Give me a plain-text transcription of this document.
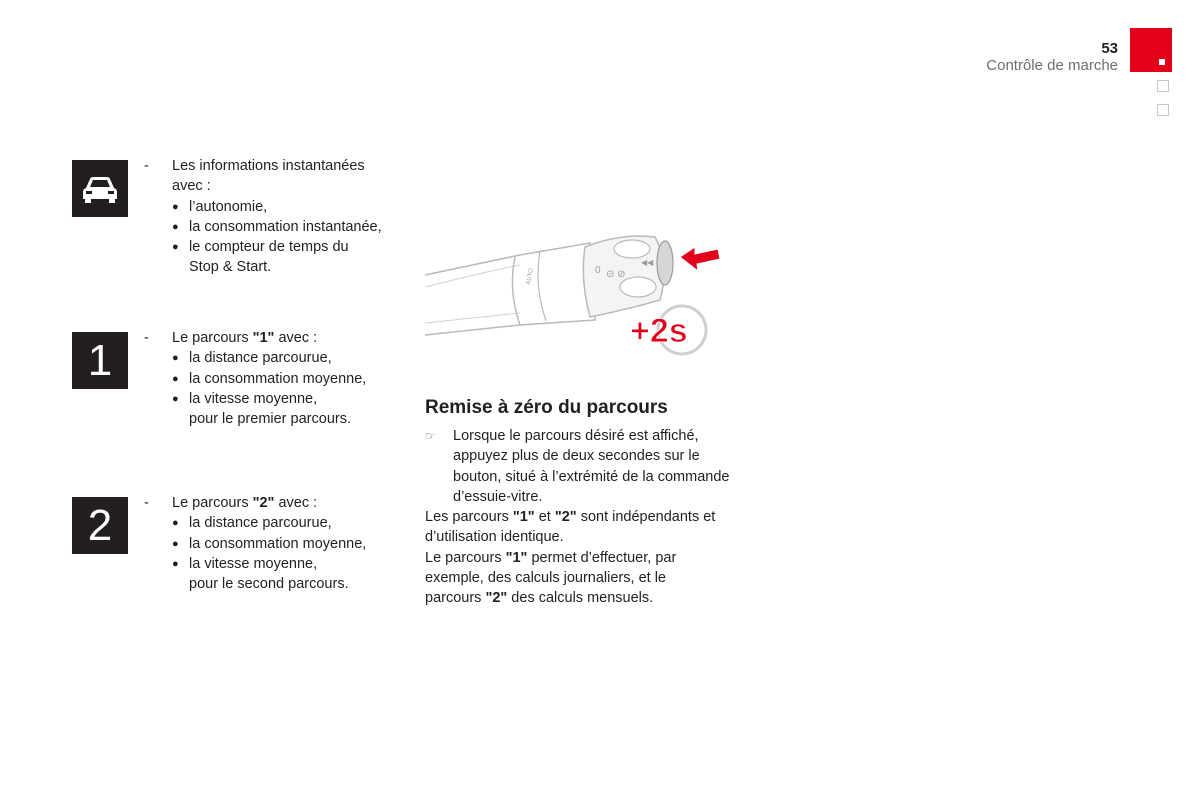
53
Contrôle de marche
-	Les informations instantanées
avec :
● l’autonomie,
● la consommation instantanée,
● le compteur de temps du
Stop & Start.
1 -	Le parcours "1" avec :
● la distance parcourue,
● la consommation moyenne,
● la vitesse moyenne,
pour le premier parcours.
2 -	Le parcours "2" avec :
● la distance parcourue,
● la consommation moyenne,
● la vitesse moyenne,
pour le second parcours.
AUTO	0 ⊝ ⊘
◀◀
+2s
Remise à zéro du parcours
☞	Lorsque le parcours désiré est affiché,
appuyez plus de deux secondes sur le
bouton, situé à l’extrémité de la commande
d’essuie-vitre.
Les parcours "1" et "2" sont indépendants et
d’utilisation identique.
Le parcours "1" permet d’effectuer, par
exemple, des calculs journaliers, et le
parcours "2" des calculs mensuels.
